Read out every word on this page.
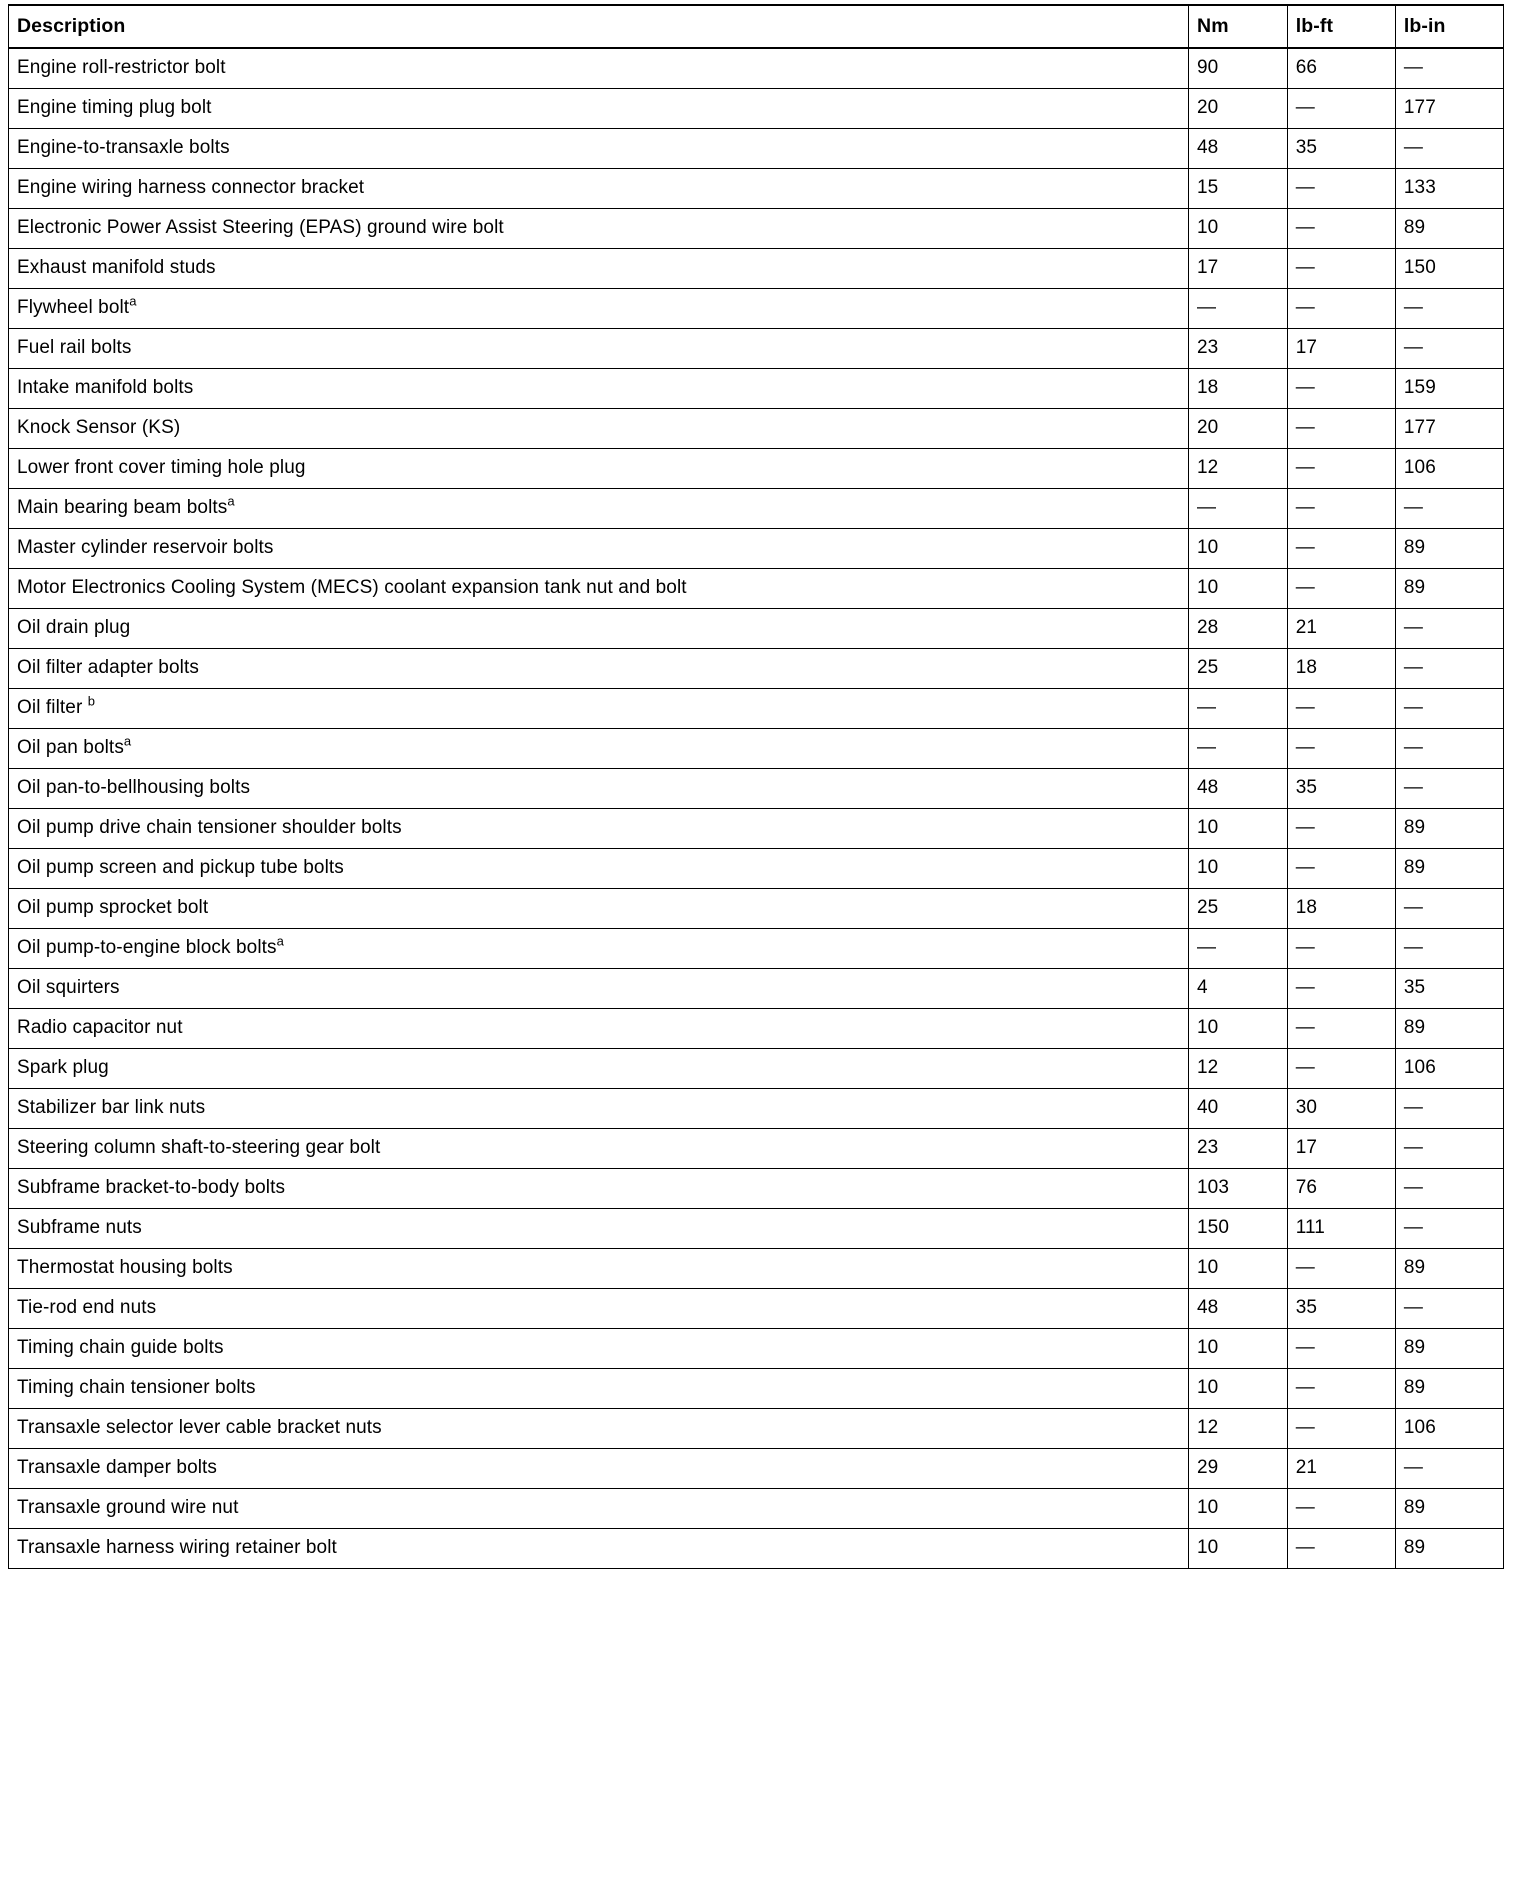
Description	Nm	lb-ft	lb-in
Engine roll-restrictor bolt	90	66	—
Engine timing plug bolt	20	—	177
Engine-to-transaxle bolts	48	35	—
Engine wiring harness connector bracket	15	—	133
Electronic Power Assist Steering (EPAS) ground wire bolt	10	—	89
Exhaust manifold studs	17	—	150
Flywheel bolt$^a$	—	—	—
Fuel rail bolts	23	17	—
Intake manifold bolts	18	—	159
Knock Sensor (KS)	20	—	177
Lower front cover timing hole plug	12	—	106
Main bearing beam bolts$^a$	—	—	—
Master cylinder reservoir bolts	10	—	89
Motor Electronics Cooling System (MECS) coolant expansion tank nut and bolt	10	—	89
Oil drain plug	28	21	—
Oil filter adapter bolts	25	18	—
Oil filter $^b$	—	—	—
Oil pan bolts$^a$	—	—	—
Oil pan-to-bellhousing bolts	48	35	—
Oil pump drive chain tensioner shoulder bolts	10	—	89
Oil pump screen and pickup tube bolts	10	—	89
Oil pump sprocket bolt	25	18	—
Oil pump-to-engine block bolts$^a$	—	—	—
Oil squirters	4	—	35
Radio capacitor nut	10	—	89
Spark plug	12	—	106
Stabilizer bar link nuts	40	30	—
Steering column shaft-to-steering gear bolt	23	17	—
Subframe bracket-to-body bolts	103	76	—
Subframe nuts	150	111	—
Thermostat housing bolts	10	—	89
Tie-rod end nuts	48	35	—
Timing chain guide bolts	10	—	89
Timing chain tensioner bolts	10	—	89
Transaxle selector lever cable bracket nuts	12	—	106
Transaxle damper bolts	29	21	—
Transaxle ground wire nut	10	—	89
Transaxle harness wiring retainer bolt	10	—	89
